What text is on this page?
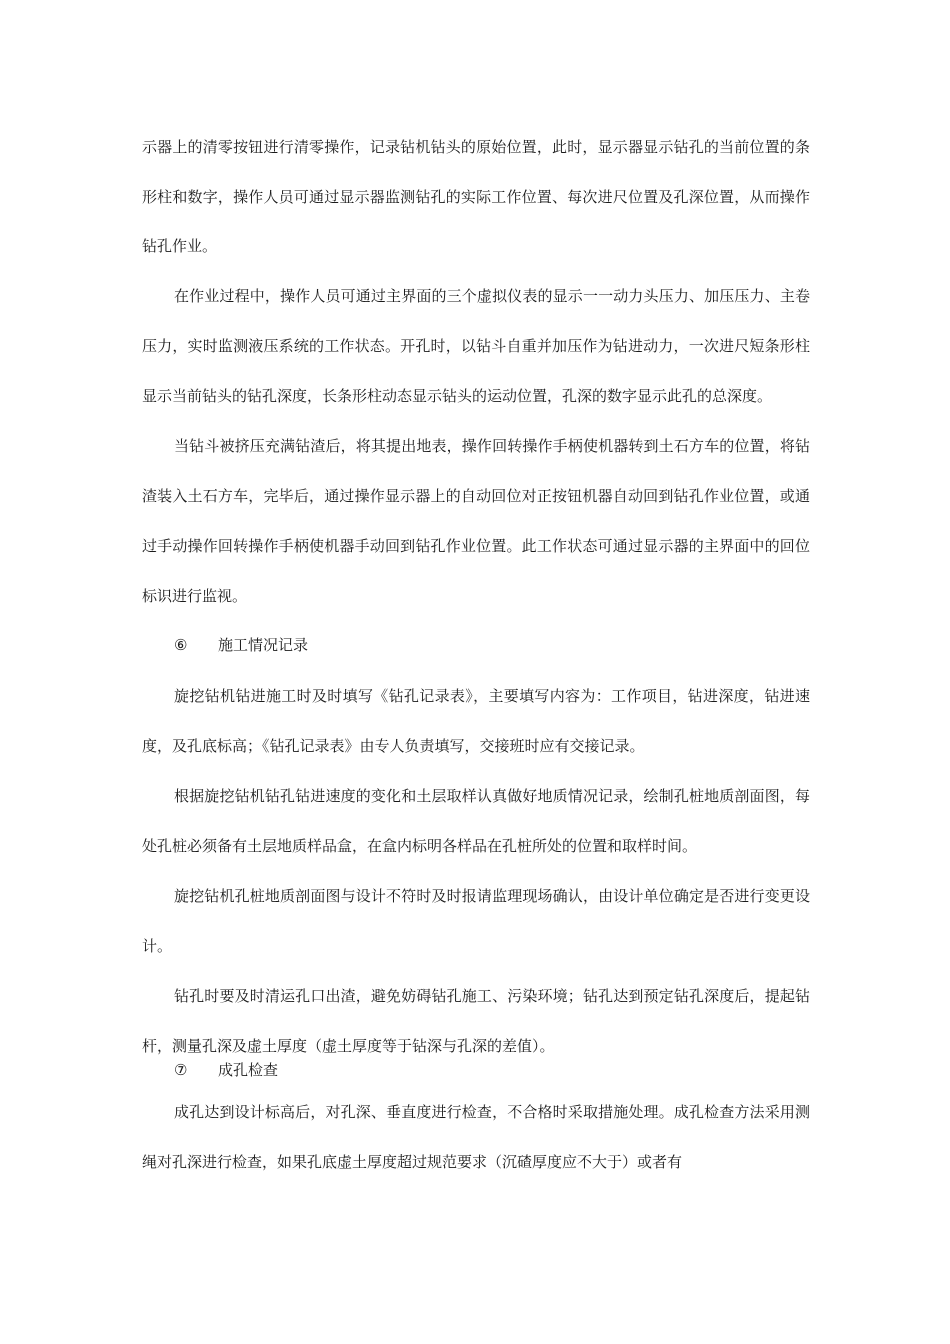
示器上的清零按钮进行清零操作，记录钻机钻头的原始位置，此时，显示器显示钻孔的当前位置的条
形柱和数字，操作人员可通过显示器监测钻孔的实际工作位置、每次进尺位置及孔深位置，从而操作
钻孔作业。
在作业过程中，操作人员可通过主界面的三个虚拟仪表的显示一一动力头压力、加压压力、主卷
压力，实时监测液压系统的工作状态。开孔时，以钻斗自重并加压作为钻进动力，一次进尺短条形柱
显示当前钻头的钻孔深度，长条形柱动态显示钻头的运动位置，孔深的数字显示此孔的总深度。
当钻斗被挤压充满钻渣后，将其提出地表，操作回转操作手柄使机器转到土石方车的位置，将钻
渣装入土石方车，完毕后，通过操作显示器上的自动回位对正按钮机器自动回到钻孔作业位置，或通
过手动操作回转操作手柄使机器手动回到钻孔作业位置。此工作状态可通过显示器的主界面中的回位
标识进行监视。
⑥ 施工情况记录
旋挖钻机钻进施工时及时填写《钻孔记录表》，主要填写内容为：工作项目，钻进深度，钻进速
度，及孔底标高；《钻孔记录表》由专人负责填写，交接班时应有交接记录。
根据旋挖钻机钻孔钻进速度的变化和土层取样认真做好地质情况记录，绘制孔桩地质剖面图，每
处孔桩必须备有土层地质样品盒，在盒内标明各样品在孔桩所处的位置和取样时间。
旋挖钻机孔桩地质剖面图与设计不符时及时报请监理现场确认，由设计单位确定是否进行变更设
计。
钻孔时要及时清运孔口出渣，避免妨碍钻孔施工、污染环境；钻孔达到预定钻孔深度后，提起钻
杆，测量孔深及虚土厚度（虚土厚度等于钻深与孔深的差值）。
⑦ 成孔检查
成孔达到设计标高后，对孔深、垂直度进行检查，不合格时采取措施处理。成孔检查方法采用测
绳对孔深进行检查，如果孔底虚土厚度超过规范要求（沉碴厚度应不大于）或者有
